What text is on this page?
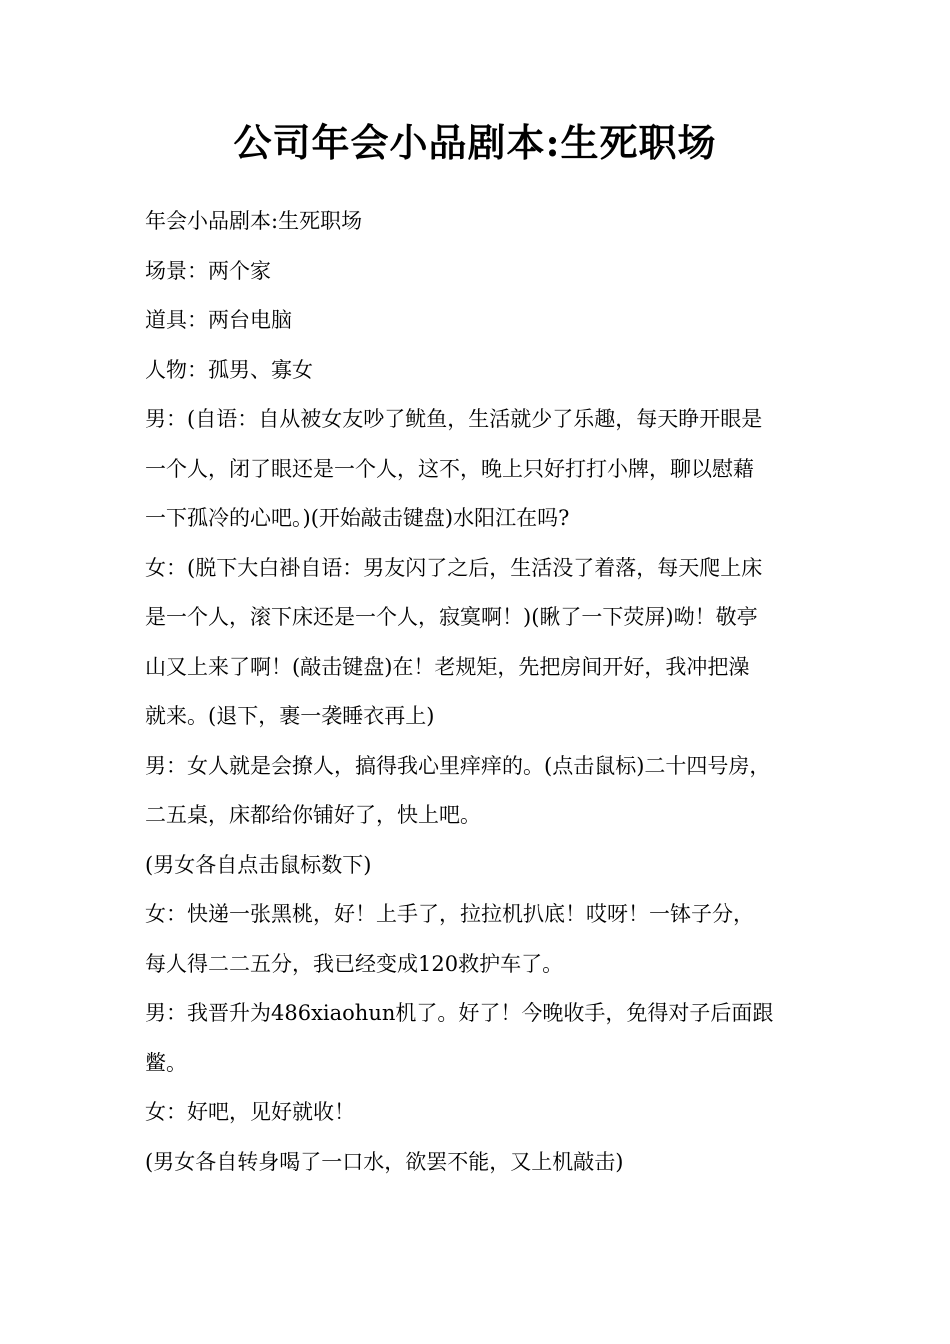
公司年会小品剧本:生死职场

年会小品剧本:生死职场

场景：两个家

道具：两台电脑

人物：孤男、寡女

男：(自语：自从被女友吵了鱿鱼，生活就少了乐趣，每天睁开眼是
一个人，闭了眼还是一个人，这不，晚上只好打打小牌，聊以慰藉
一下孤冷的心吧。)(开始敲击键盘)水阳江在吗?

女：(脱下大白褂自语：男友闪了之后，生活没了着落，每天爬上床
是一个人，滚下床还是一个人，寂寞啊！)(瞅了一下荧屏)呦！敬亭
山又上来了啊！(敲击键盘)在！老规矩，先把房间开好，我冲把澡
就来。(退下，裹一袭睡衣再上)

男：女人就是会撩人，搞得我心里痒痒的。(点击鼠标)二十四号房，
二五桌，床都给你铺好了，快上吧。

(男女各自点击鼠标数下)

女：快递一张黑桃，好！上手了，拉拉机扒底！哎呀！一钵子分，
每人得二二五分，我已经变成120救护车了。

男：我晋升为486xiaohun机了。好了！今晚收手，免得对子后面跟
鳖。

女：好吧，见好就收！

(男女各自转身喝了一口水，欲罢不能，又上机敲击)
